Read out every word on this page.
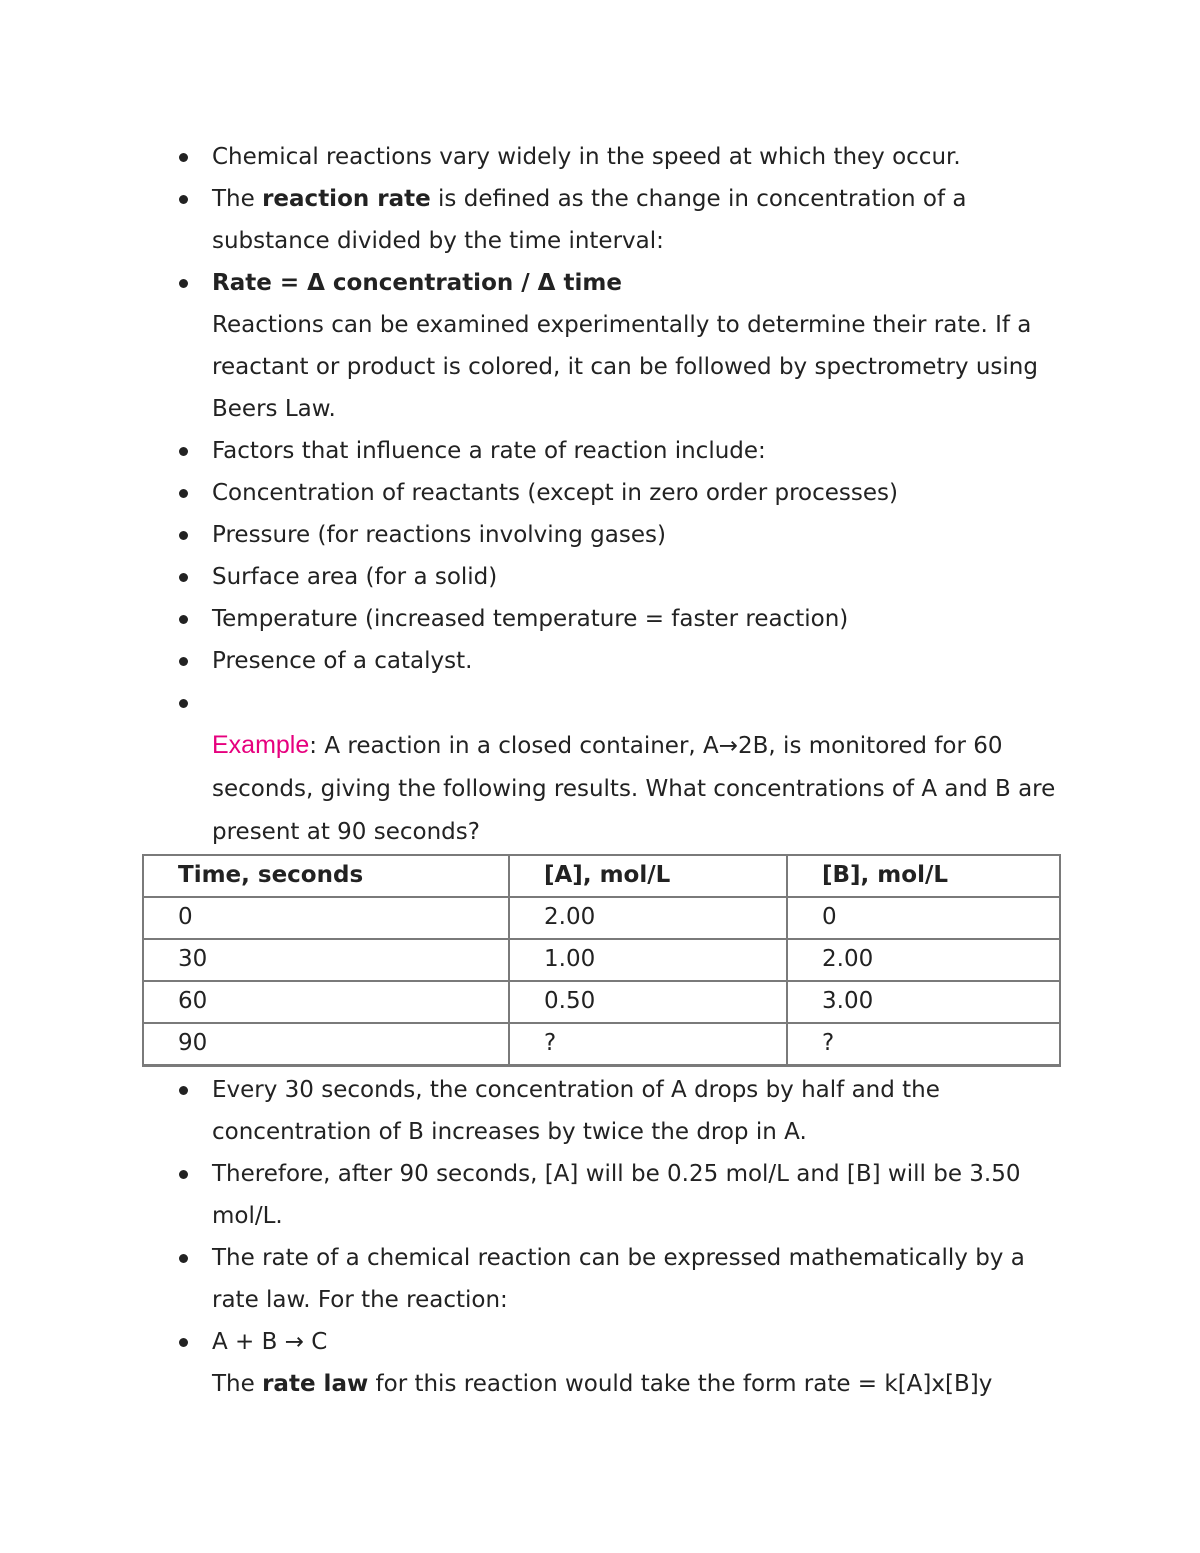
Chemical reactions vary widely in the speed at which they occur.
The reaction rate is defined as the change in concentration of a substance divided by the time interval:
Rate = Δ concentration / Δ time
Reactions can be examined experimentally to determine their rate. If a reactant or product is colored, it can be followed by spectrometry using Beers Law.
Factors that influence a rate of reaction include:
Concentration of reactants (except in zero order processes)
Pressure (for reactions involving gases)
Surface area (for a solid)
Temperature (increased temperature = faster reaction)
Presence of a catalyst.

Example: A reaction in a closed container, A→2B, is monitored for 60 seconds, giving the following results. What concentrations of A and B are present at 90 seconds?
Time, seconds	[A], mol/L	[B], mol/L
0	2.00	0
30	1.00	2.00
60	0.50	3.00
90	?	?
Every 30 seconds, the concentration of A drops by half and the concentration of B increases by twice the drop in A.
Therefore, after 90 seconds, [A] will be 0.25 mol/L and [B] will be 3.50 mol/L.
The rate of a chemical reaction can be expressed mathematically by a rate law. For the reaction:
A + B → C
The rate law for this reaction would take the form rate = k[A]x[B]y
